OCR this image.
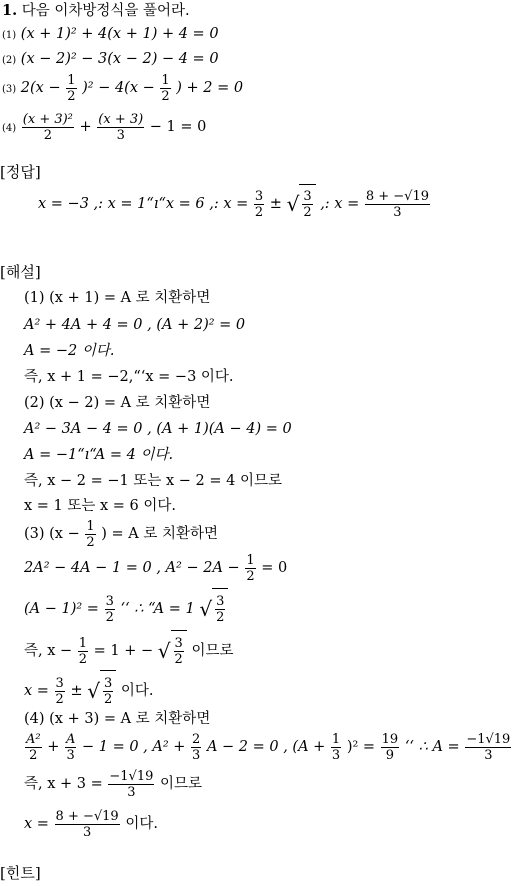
1. 다음 이차방정식을 풀어라.
(1) (x + 1)² + 4(x + 1) + 4 = 0
(2) (x − 2)² − 3(x − 2) − 4 = 0
(3) $2(x - \frac{1}{2} )^2 - 4(x - \frac{1}{2}$ ) + 2 = 0
$(4) \frac{\text{(x + 3)²}}{2} + \frac{(x + 3)}{3} - 1 = 0$
[정답]
x = −3 ,: x = 1“ı“x = 6 ,: $x = \frac{3}{2}$ ± √ $\frac{3}{2}$ ,: $x = \frac{8 + -√19}{3}$
[해설]
(1) (x + 1) = A 로 치환하면
A² + 4A + 4 = 0 , (A + 2)² = 0
A = −2 이다.
즉, x + 1 = −2,“‘x = −3 이다.
(2) (x − 2) = A 로 치환하면
A² − 3A − 4 = 0 , (A + 1)(A − 4) = 0
A = −1“ı“A = 4 이다.
즉, x − 2 = −1 또는 x − 2 = 4 이므로
x = 1 또는 x = 6 이다.
(3) ($x - \frac{1}{2}$ ) = A 로 치환하면
2A² − 4A − 1 = 0 , $A^2 - 2A - \frac{1}{2} = 0$
$(A - 1)^2 = \frac{3}{2}$ ‘‘ ∴ “A = 1 √ $\frac{3}{2}$
즉, $x - \frac{1}{2} = 1$ + − √ $\frac{3}{2}$ 이므로
$x = \frac{3}{2}$ ± √ $\frac{3}{2}$ 이다.
(4) (x + 3) = A 로 치환하면
$\frac{\text{A²}}{2} + \frac{A}{3} - 1 = 0$ , $A^2 + \frac{2}{3}$ A − 2 = 0 , $(A + \frac{1}{3} )^2 = \frac{19}{9}$ ‘‘ ∴ $A = \frac{-1√19}{3}$
즉, $x + 3 = \frac{-1√19}{3}$ 이므로
$x = \frac{8 + -√19}{3}$ 이다.
[힌트]
